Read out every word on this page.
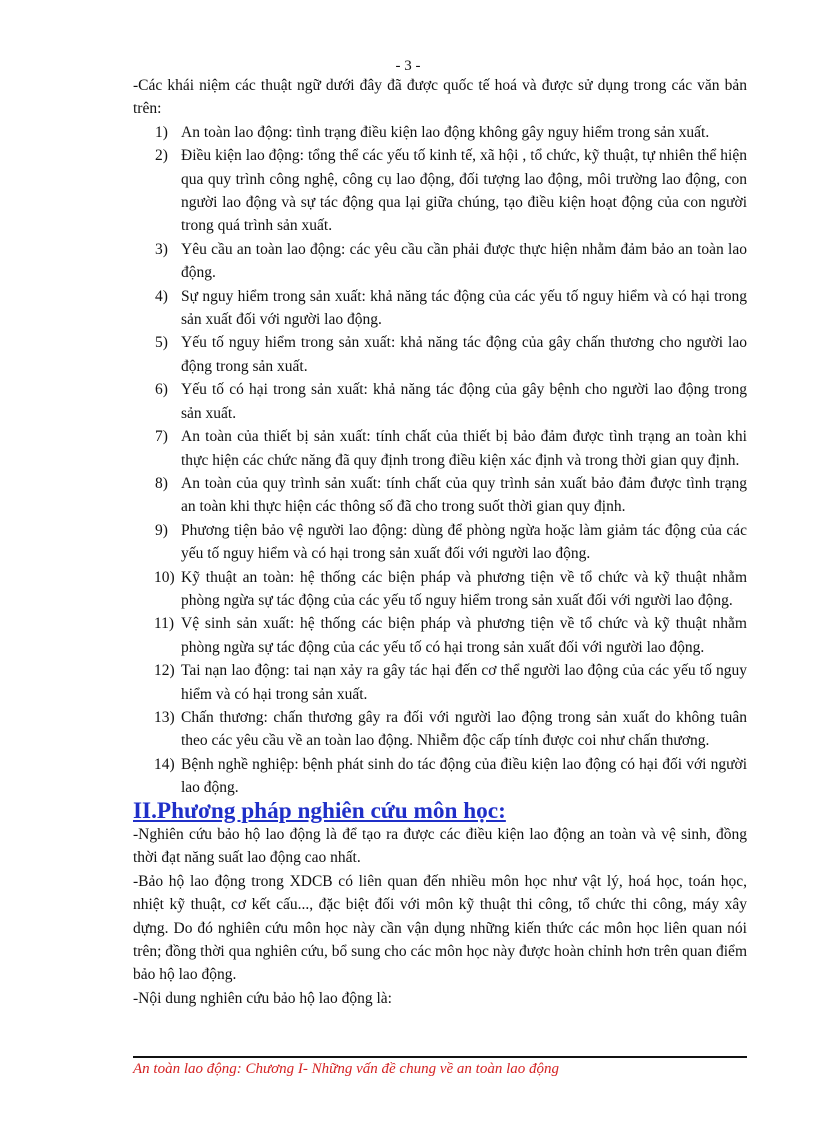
- 3 -

-Các khái niệm các thuật ngữ dưới đây đã được quốc tế hoá và được sử dụng trong các văn bản trên:

1) An toàn lao động: tình trạng điều kiện lao động không gây nguy hiểm trong sản xuất.
2) Điều kiện lao động: tổng thể các yếu tố kinh tế, xã hội , tổ chức, kỹ thuật, tự nhiên thể hiện qua quy trình công nghệ, công cụ lao động, đối tượng lao động, môi trường lao động, con người lao động và sự tác động qua lại giữa chúng, tạo điều kiện hoạt động của con người trong quá trình sản xuất.
3) Yêu cầu an toàn lao động: các yêu cầu cần phải được thực hiện nhằm đảm bảo an toàn lao động.
4) Sự nguy hiểm trong sản xuất: khả năng tác động của các yếu tố nguy hiểm và có hại trong sản xuất đối với người lao động.
5) Yếu tố nguy hiểm trong sản xuất: khả năng tác động của gây chấn thương cho người lao động trong sản xuất.
6) Yếu tố có hại trong sản xuất: khả năng tác động của gây bệnh cho người lao động trong sản xuất.
7) An toàn của thiết bị sản xuất: tính chất của thiết bị bảo đảm được tình trạng an toàn khi thực hiện các chức năng đã quy định trong điều kiện xác định và trong thời gian quy định.
8) An toàn của quy trình sản xuất: tính chất của quy trình sản xuất bảo đảm được tình trạng an toàn khi thực hiện các thông số đã cho trong suốt thời gian quy định.
9) Phương tiện bảo vệ người lao động: dùng để phòng ngừa hoặc làm giảm tác động của các yếu tố nguy hiểm và có hại trong sản xuất đối với người lao động.
10) Kỹ thuật an toàn: hệ thống các biện pháp và phương tiện về tổ chức và kỹ thuật nhằm phòng ngừa sự tác động của các yếu tố nguy hiểm trong sản xuất đối với người lao động.
11) Vệ sinh sản xuất: hệ thống các biện pháp và phương tiện về tổ chức và kỹ thuật nhằm phòng ngừa sự tác động của các yếu tố có hại trong sản xuất đối với người lao động.
12) Tai nạn lao động: tai nạn xảy ra gây tác hại đến cơ thể người lao động của các yếu tố nguy hiểm và có hại trong sản xuất.
13) Chấn thương: chấn thương gây ra đối với người lao động trong sản xuất do không tuân theo các yêu cầu về an toàn lao động. Nhiễm độc cấp tính được coi như chấn thương.
14) Bệnh nghề nghiệp: bệnh phát sinh do tác động của điều kiện lao động có hại đối với người lao động.
II.Phương pháp nghiên cứu môn học:

-Nghiên cứu bảo hộ lao động là để tạo ra được các điều kiện lao động an toàn và vệ sinh, đồng thời đạt năng suất lao động cao nhất.

-Bảo hộ lao động trong XDCB có liên quan đến nhiều môn học như vật lý, hoá học, toán học, nhiệt kỹ thuật, cơ kết cấu..., đặc biệt đối với môn kỹ thuật thi công, tổ chức thi công, máy xây dựng. Do đó nghiên cứu môn học này cần vận dụng những kiến thức các môn học liên quan nói trên; đồng thời qua nghiên cứu, bổ sung cho các môn học này được hoàn chỉnh hơn trên quan điểm bảo hộ lao động.

-Nội dung nghiên cứu bảo hộ lao động là:

An toàn lao động: Chương I- Những vấn đề chung về an toàn lao động
